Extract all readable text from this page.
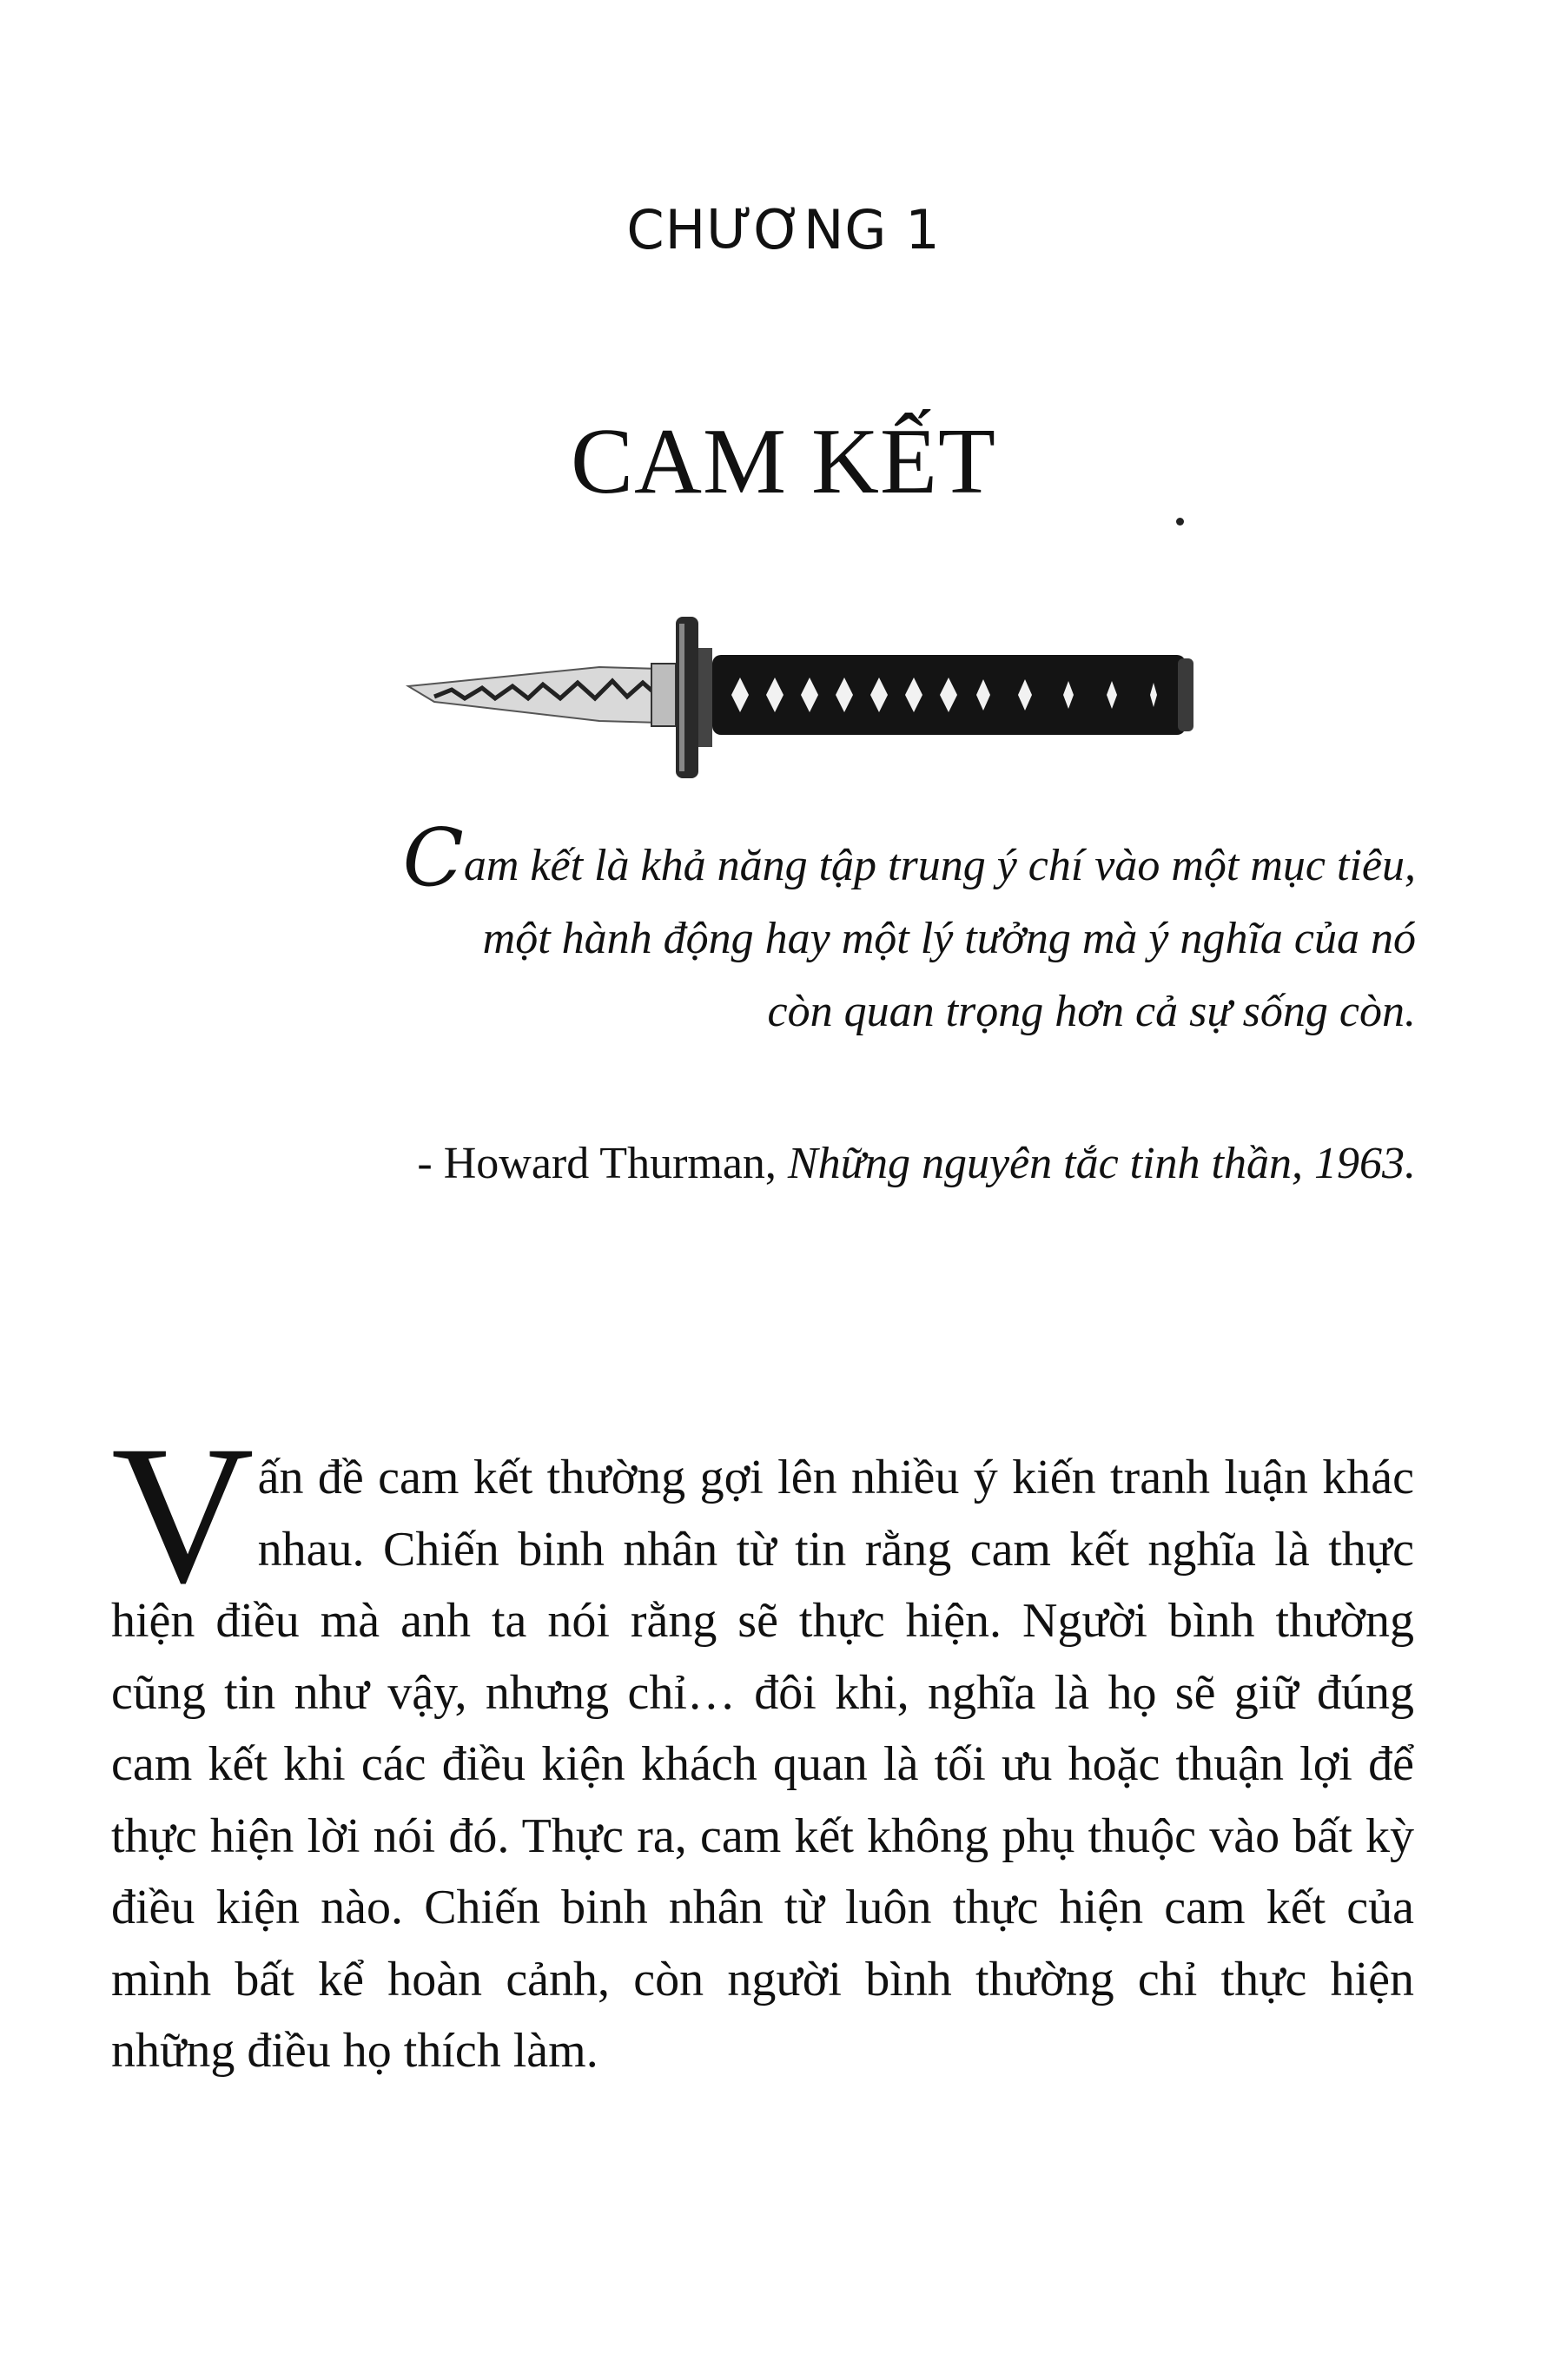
CHƯƠNG 1
CAM KẾT
Cam kết là khả năng tập trung ý chí vào một mục tiêu,
một hành động hay một lý tưởng mà ý nghĩa của nó
còn quan trọng hơn cả sự sống còn.
- Howard Thurman, Những nguyên tắc tinh thần, 1963.

Vấn đề cam kết thường gợi lên nhiều ý kiến tranh luận khác nhau. Chiến binh nhân từ tin rằng cam kết nghĩa là thực hiện điều mà anh ta nói rằng sẽ thực hiện. Người bình thường cũng tin như vậy, nhưng chỉ… đôi khi, nghĩa là họ sẽ giữ đúng cam kết khi các điều kiện khách quan là tối ưu hoặc thuận lợi để thực hiện lời nói đó. Thực ra, cam kết không phụ thuộc vào bất kỳ điều kiện nào. Chiến binh nhân từ luôn thực hiện cam kết của mình bất kể hoàn cảnh, còn người bình thường chỉ thực hiện những điều họ thích làm.
